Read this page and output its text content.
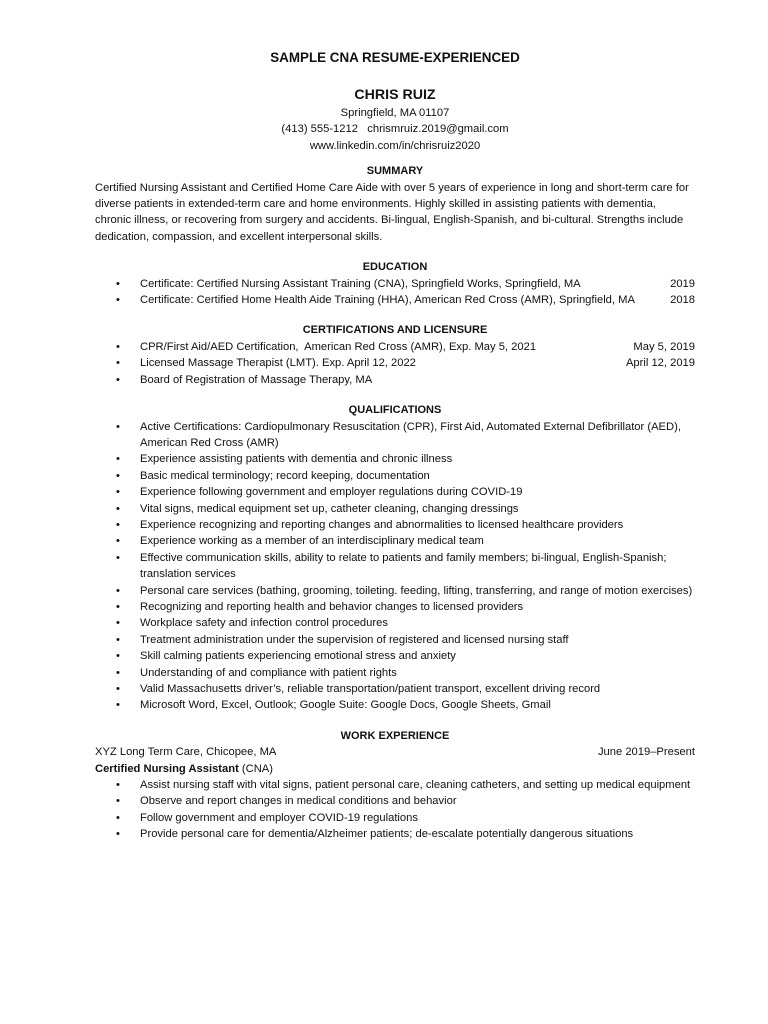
SAMPLE CNA RESUME-EXPERIENCED
CHRIS RUIZ
Springfield, MA 01107
(413) 555-1212   chrismruiz.2019@gmail.com
www.linkedin.com/in/chrisruiz2020
SUMMARY

Certified Nursing Assistant and Certified Home Care Aide with over 5 years of experience in long and short-term care for diverse patients in extended-term care and home environments. Highly skilled in assisting patients with dementia, chronic illness, or recovering from surgery and accidents. Bi-lingual, English-Spanish, and bi-cultural. Strengths include dedication, compassion, and excellent interpersonal skills.

EDUCATION
• Certificate: Certified Nursing Assistant Training (CNA), Springfield Works, Springfield, MA	2019
• Certificate: Certified Home Health Aide Training (HHA), American Red Cross (AMR), Springfield, MA	2018
CERTIFICATIONS AND LICENSURE
• CPR/First Aid/AED Certification,  American Red Cross (AMR), Exp. May 5, 2021	May 5, 2019
• Licensed Massage Therapist (LMT). Exp. April 12, 2022	April 12, 2019
• Board of Registration of Massage Therapy, MA
QUALIFICATIONS
• Active Certifications: Cardiopulmonary Resuscitation (CPR), First Aid, Automated External Defibrillator (AED), American Red Cross (AMR)
• Experience assisting patients with dementia and chronic illness
• Basic medical terminology; record keeping, documentation
• Experience following government and employer regulations during COVID-19
• Vital signs, medical equipment set up, catheter cleaning, changing dressings
• Experience recognizing and reporting changes and abnormalities to licensed healthcare providers
• Experience working as a member of an interdisciplinary medical team
• Effective communication skills, ability to relate to patients and family members; bi-lingual, English-Spanish; translation services
• Personal care services (bathing, grooming, toileting. feeding, lifting, transferring, and range of motion exercises)
• Recognizing and reporting health and behavior changes to licensed providers
• Workplace safety and infection control procedures
• Treatment administration under the supervision of registered and licensed nursing staff
• Skill calming patients experiencing emotional stress and anxiety
• Understanding of and compliance with patient rights
• Valid Massachusetts driver’s, reliable transportation/patient transport, excellent driving record
• Microsoft Word, Excel, Outlook; Google Suite: Google Docs, Google Sheets, Gmail
WORK EXPERIENCE
XYZ Long Term Care, Chicopee, MA	June 2019–Present
Certified Nursing Assistant (CNA)
• Assist nursing staff with vital signs, patient personal care, cleaning catheters, and setting up medical equipment
• Observe and report changes in medical conditions and behavior
• Follow government and employer COVID-19 regulations
• Provide personal care for dementia/Alzheimer patients; de-escalate potentially dangerous situations
